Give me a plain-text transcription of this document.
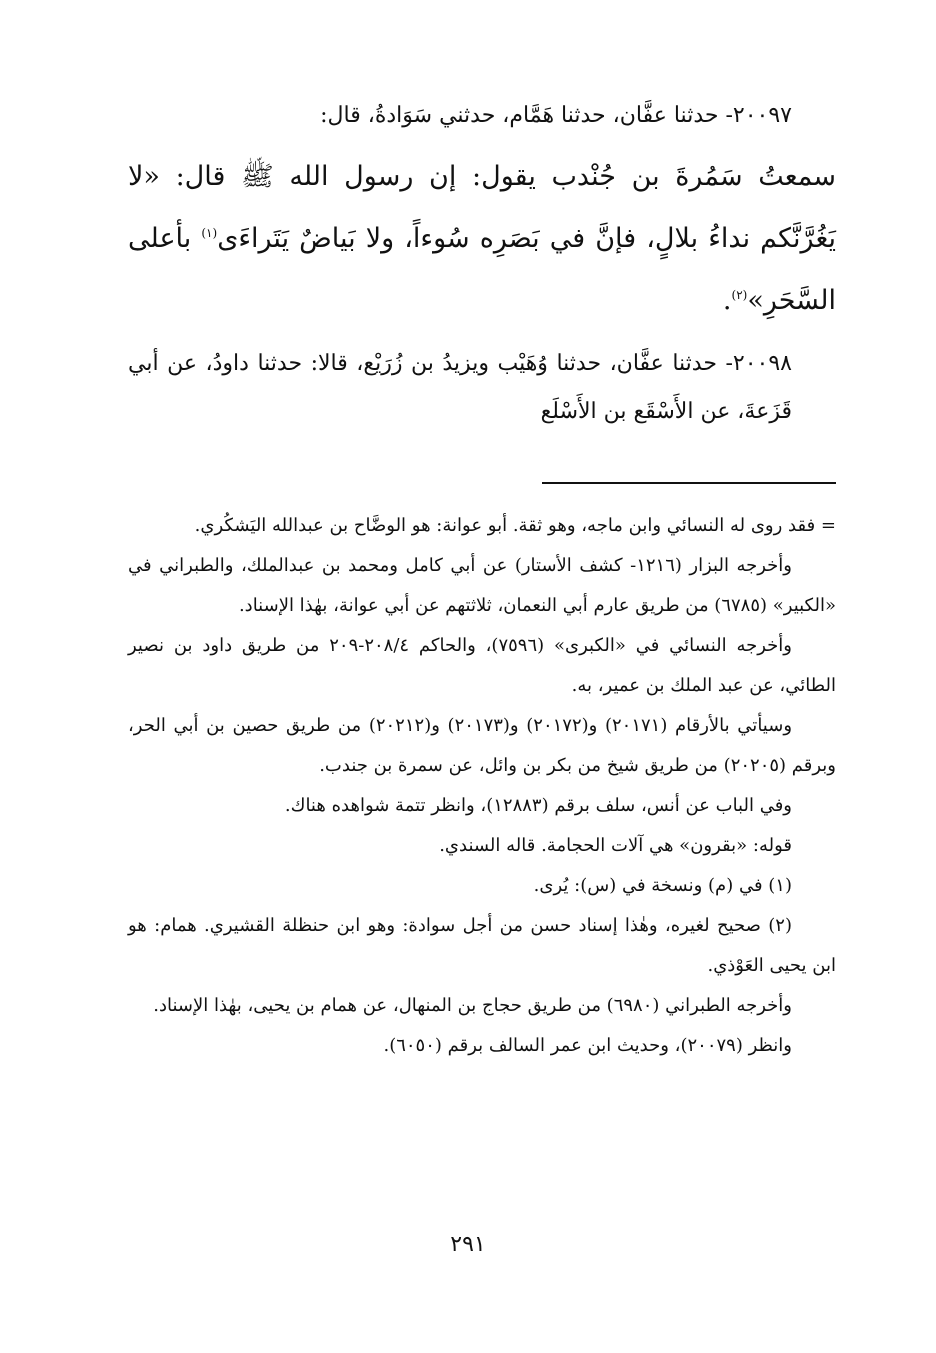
٢٠٠٩٧- حدثنا عفَّان، حدثنا هَمَّام، حدثني سَوَادةُ، قال:

سمعتُ سَمُرةَ بن جُنْدب يقول: إن رسول الله ﷺ قال: «لا يَغُرَّنَّكم نداءُ بلالٍ، فإنَّ في بَصَرِه سُوءاً، ولا بَياضٌ يَتَراءَى$^{(١)}$ بأعلى السَّحَرِ»$^{(٢)}$.

٢٠٠٩٨- حدثنا عفَّان، حدثنا وُهَيْب ويزيدُ بن زُرَيْع، قالا: حدثنا داودُ، عن أبي قَزَعةَ، عن الأَسْقَع بن الأَسْلَع

= فقد روى له النسائي وابن ماجه، وهو ثقة. أبو عوانة: هو الوضَّاح بن عبدالله اليَشكُري.

وأخرجه البزار (١٢١٦- كشف الأستار) عن أبي كامل ومحمد بن عبدالملك، والطبراني في «الكبير» (٦٧٨٥) من طريق عارم أبي النعمان، ثلاثتهم عن أبي عوانة، بهٰذا الإسناد.

وأخرجه النسائي في «الكبرى» (٧٥٩٦)، والحاكم ٢٠٨/٤-٢٠٩ من طريق داود بن نصير الطائي، عن عبد الملك بن عمير، به.

وسيأتي بالأرقام (٢٠١٧١) و(٢٠١٧٢) و(٢٠١٧٣) و(٢٠٢١٢) من طريق حصين بن أبي الحر، وبرقم (٢٠٢٠٥) من طريق شيخ من بكر بن وائل، عن سمرة بن جندب.

وفي الباب عن أنس، سلف برقم (١٢٨٨٣)، وانظر تتمة شواهده هناك.

قوله: «بقرون» هي آلات الحجامة. قاله السندي.

(١) في (م) ونسخة في (س): يُرى.

(٢) صحيح لغيره، وهٰذا إسناد حسن من أجل سوادة: وهو ابن حنظلة القشيري. همام: هو ابن يحيى العَوْذي.

وأخرجه الطبراني (٦٩٨٠) من طريق حجاج بن المنهال، عن همام بن يحيى، بهٰذا الإسناد.

وانظر (٢٠٠٧٩)، وحديث ابن عمر السالف برقم (٦٠٥٠).

٢٩١
